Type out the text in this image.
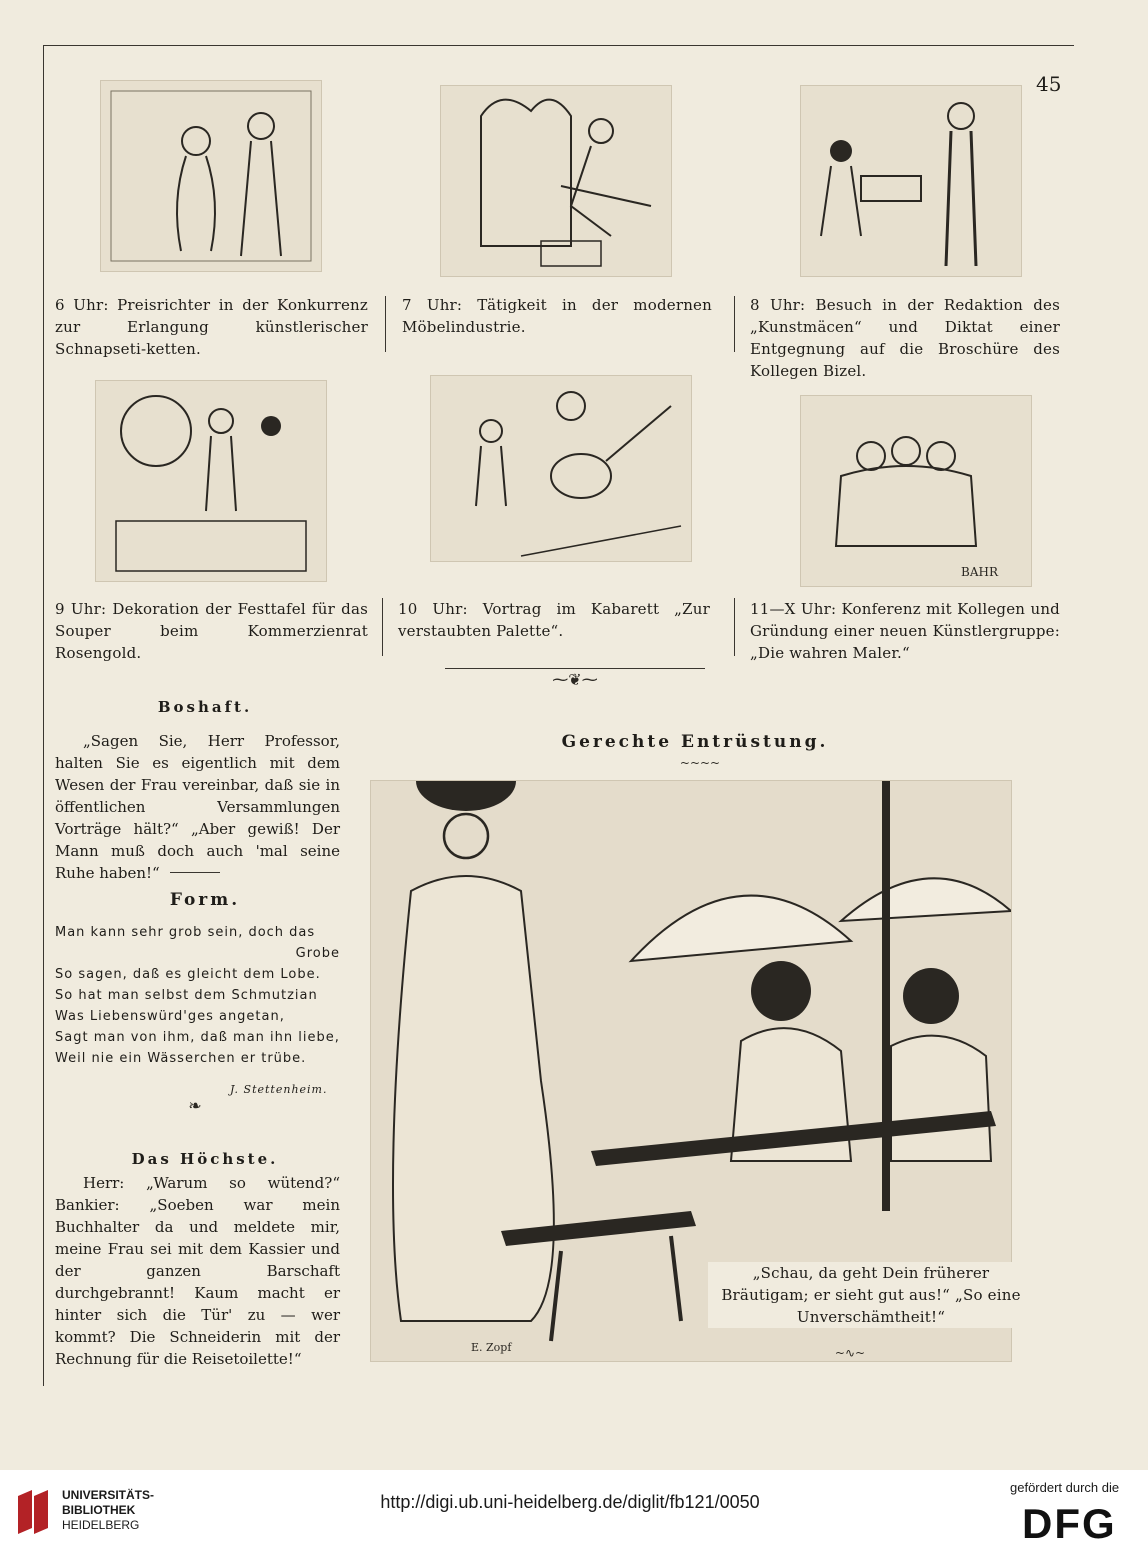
45
6 Uhr: Preisrichter in der Konkurrenz zur Erlangung künstlerischer Schnapseti-ketten.
7 Uhr: Tätigkeit in der modernen Möbelindustrie.
8 Uhr: Besuch in der Redaktion des „Kunstmäcen“ und Diktat einer Entgegnung auf die Broschüre des Kollegen Bizel.
BAHR
9 Uhr: Dekoration der Festtafel für das Souper beim Kommerzienrat Rosengold.
10 Uhr: Vortrag im Kabarett „Zur verstaubten Palette“.
11—X Uhr: Konferenz mit Kollegen und Gründung einer neuen Künstlergruppe: „Die wahren Maler.“
⁓❦⁓
Boshaft.
„Sagen Sie, Herr Professor, halten Sie es eigentlich mit dem Wesen der Frau vereinbar, daß sie in öffentlichen Versammlungen Vorträge hält?“ „Aber gewiß! Der Mann muß doch auch 'mal seine Ruhe haben!“
Form.
Man kann sehr grob sein, doch das
Grobe
So sagen, daß es gleicht dem Lobe.
So hat man selbst dem Schmutzian
Was Liebenswürd'ges angetan,
Sagt man von ihm, daß man ihn liebe,
Weil nie ein Wässerchen er trübe.
J. Stettenheim.
❧
Das Höchste.
Herr: „Warum so wütend?“ Bankier: „Soeben war mein Buchhalter da und meldete mir, meine Frau sei mit dem Kassier und der ganzen Barschaft durchgebrannt! Kaum macht er hinter sich die Tür' zu — wer kommt? Die Schneiderin mit der Rechnung für die Reisetoilette!“
Gerechte Entrüstung.
~~~~
E. Zopf
„Schau, da geht Dein früherer Bräutigam; er sieht gut aus!“ „So eine Unverschämtheit!“
~∿~
UNIVERSITÄTS-
BIBLIOTHEK
HEIDELBERG
http://digi.ub.uni-heidelberg.de/diglit/fb121/0050
gefördert durch die
DFG
